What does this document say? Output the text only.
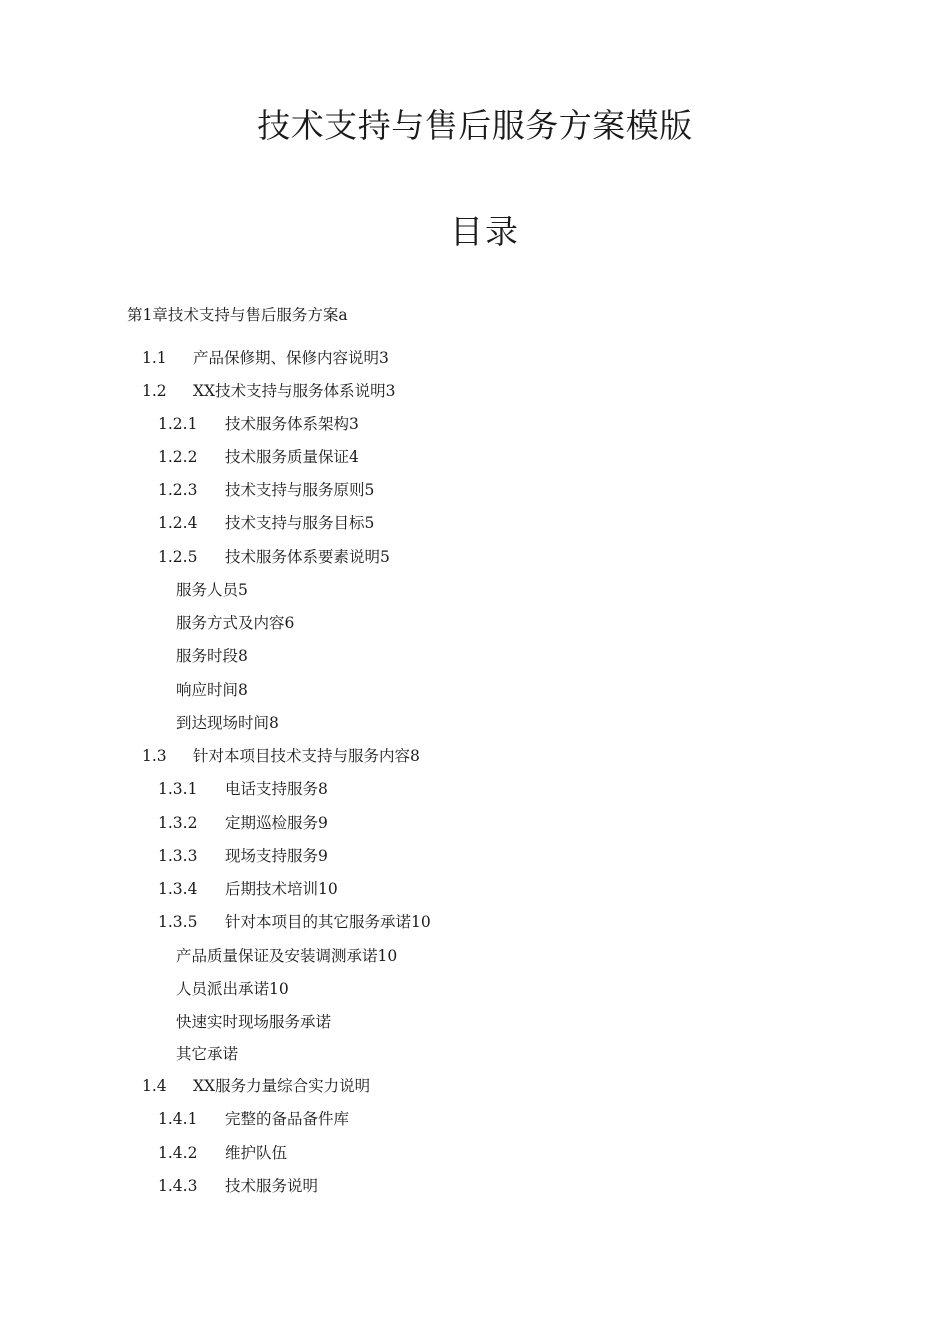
技术支持与售后服务方案模版
目录
第1章技术支持与售后服务方案a
1.1 产品保修期、保修内容说明3
1.2 XX技术支持与服务体系说明3
1.2.1 技术服务体系架构3
1.2.2 技术服务质量保证4
1.2.3 技术支持与服务原则5
1.2.4 技术支持与服务目标5
1.2.5 技术服务体系要素说明5
服务人员5
服务方式及内容6
服务时段8
响应时间8
到达现场时间8
1.3 针对本项目技术支持与服务内容8
1.3.1 电话支持服务8
1.3.2 定期巡检服务9
1.3.3 现场支持服务9
1.3.4 后期技术培训10
1.3.5 针对本项目的其它服务承诺10
产品质量保证及安装调测承诺10
人员派出承诺10
快速实时现场服务承诺
其它承诺
1.4 XX服务力量综合实力说明
1.4.1 完整的备品备件库
1.4.2 维护队伍
1.4.3 技术服务说明
